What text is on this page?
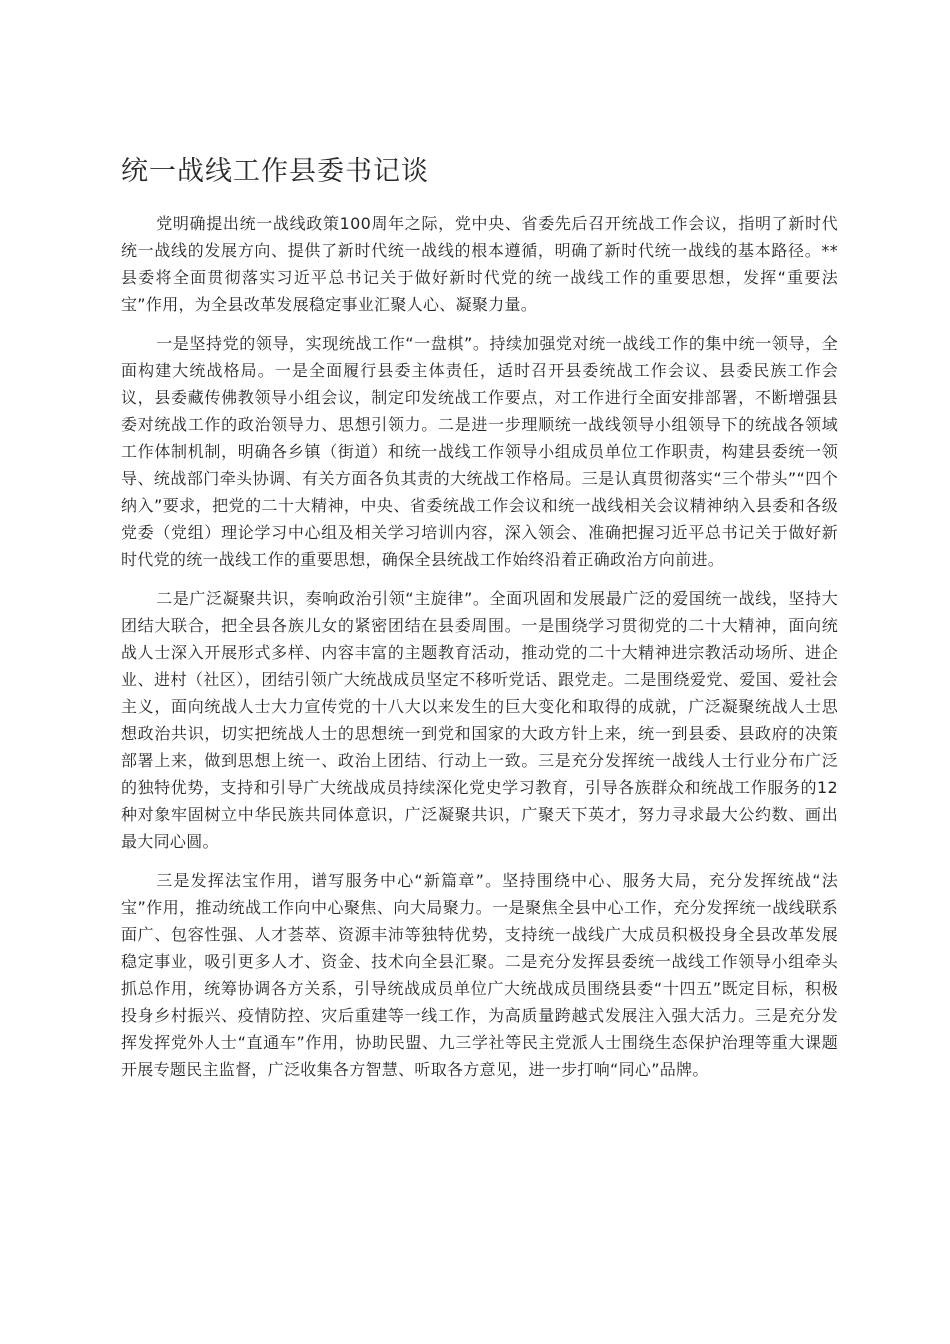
统一战线工作县委书记谈

党明确提出统一战线政策100周年之际，党中央、省委先后召开统战工作会议，指明了新时代统一战线的发展方向、提供了新时代统一战线的根本遵循，明确了新时代统一战线的基本路径。**县委将全面贯彻落实习近平总书记关于做好新时代党的统一战线工作的重要思想，发挥“重要法宝”作用，为全县改革发展稳定事业汇聚人心、凝聚力量。

一是坚持党的领导，实现统战工作“一盘棋”。持续加强党对统一战线工作的集中统一领导，全面构建大统战格局。一是全面履行县委主体责任，适时召开县委统战工作会议、县委民族工作会议，县委藏传佛教领导小组会议，制定印发统战工作要点，对工作进行全面安排部署，不断增强县委对统战工作的政治领导力、思想引领力。二是进一步理顺统一战线领导小组领导下的统战各领域工作体制机制，明确各乡镇（街道）和统一战线工作领导小组成员单位工作职责，构建县委统一领导、统战部门牵头协调、有关方面各负其责的大统战工作格局。三是认真贯彻落实“三个带头”“四个纳入”要求，把党的二十大精神，中央、省委统战工作会议和统一战线相关会议精神纳入县委和各级党委（党组）理论学习中心组及相关学习培训内容，深入领会、准确把握习近平总书记关于做好新时代党的统一战线工作的重要思想，确保全县统战工作始终沿着正确政治方向前进。

二是广泛凝聚共识，奏响政治引领“主旋律”。全面巩固和发展最广泛的爱国统一战线，坚持大团结大联合，把全县各族儿女的紧密团结在县委周围。一是围绕学习贯彻党的二十大精神，面向统战人士深入开展形式多样、内容丰富的主题教育活动，推动党的二十大精神进宗教活动场所、进企业、进村（社区），团结引领广大统战成员坚定不移听党话、跟党走。二是围绕爱党、爱国、爱社会主义，面向统战人士大力宣传党的十八大以来发生的巨大变化和取得的成就，广泛凝聚统战人士思想政治共识，切实把统战人士的思想统一到党和国家的大政方针上来，统一到县委、县政府的决策部署上来，做到思想上统一、政治上团结、行动上一致。三是充分发挥统一战线人士行业分布广泛的独特优势，支持和引导广大统战成员持续深化党史学习教育，引导各族群众和统战工作服务的12种对象牢固树立中华民族共同体意识，广泛凝聚共识，广聚天下英才，努力寻求最大公约数、画出最大同心圆。

三是发挥法宝作用，谱写服务中心“新篇章”。坚持围绕中心、服务大局，充分发挥统战“法宝”作用，推动统战工作向中心聚焦、向大局聚力。一是聚焦全县中心工作，充分发挥统一战线联系面广、包容性强、人才荟萃、资源丰沛等独特优势，支持统一战线广大成员积极投身全县改革发展稳定事业，吸引更多人才、资金、技术向全县汇聚。二是充分发挥县委统一战线工作领导小组牵头抓总作用，统筹协调各方关系，引导统战成员单位广大统战成员围绕县委“十四五”既定目标，积极投身乡村振兴、疫情防控、灾后重建等一线工作，为高质量跨越式发展注入强大活力。三是充分发挥发挥党外人士“直通车”作用，协助民盟、九三学社等民主党派人士围绕生态保护治理等重大课题开展专题民主监督，广泛收集各方智慧、听取各方意见，进一步打响“同心”品牌。
